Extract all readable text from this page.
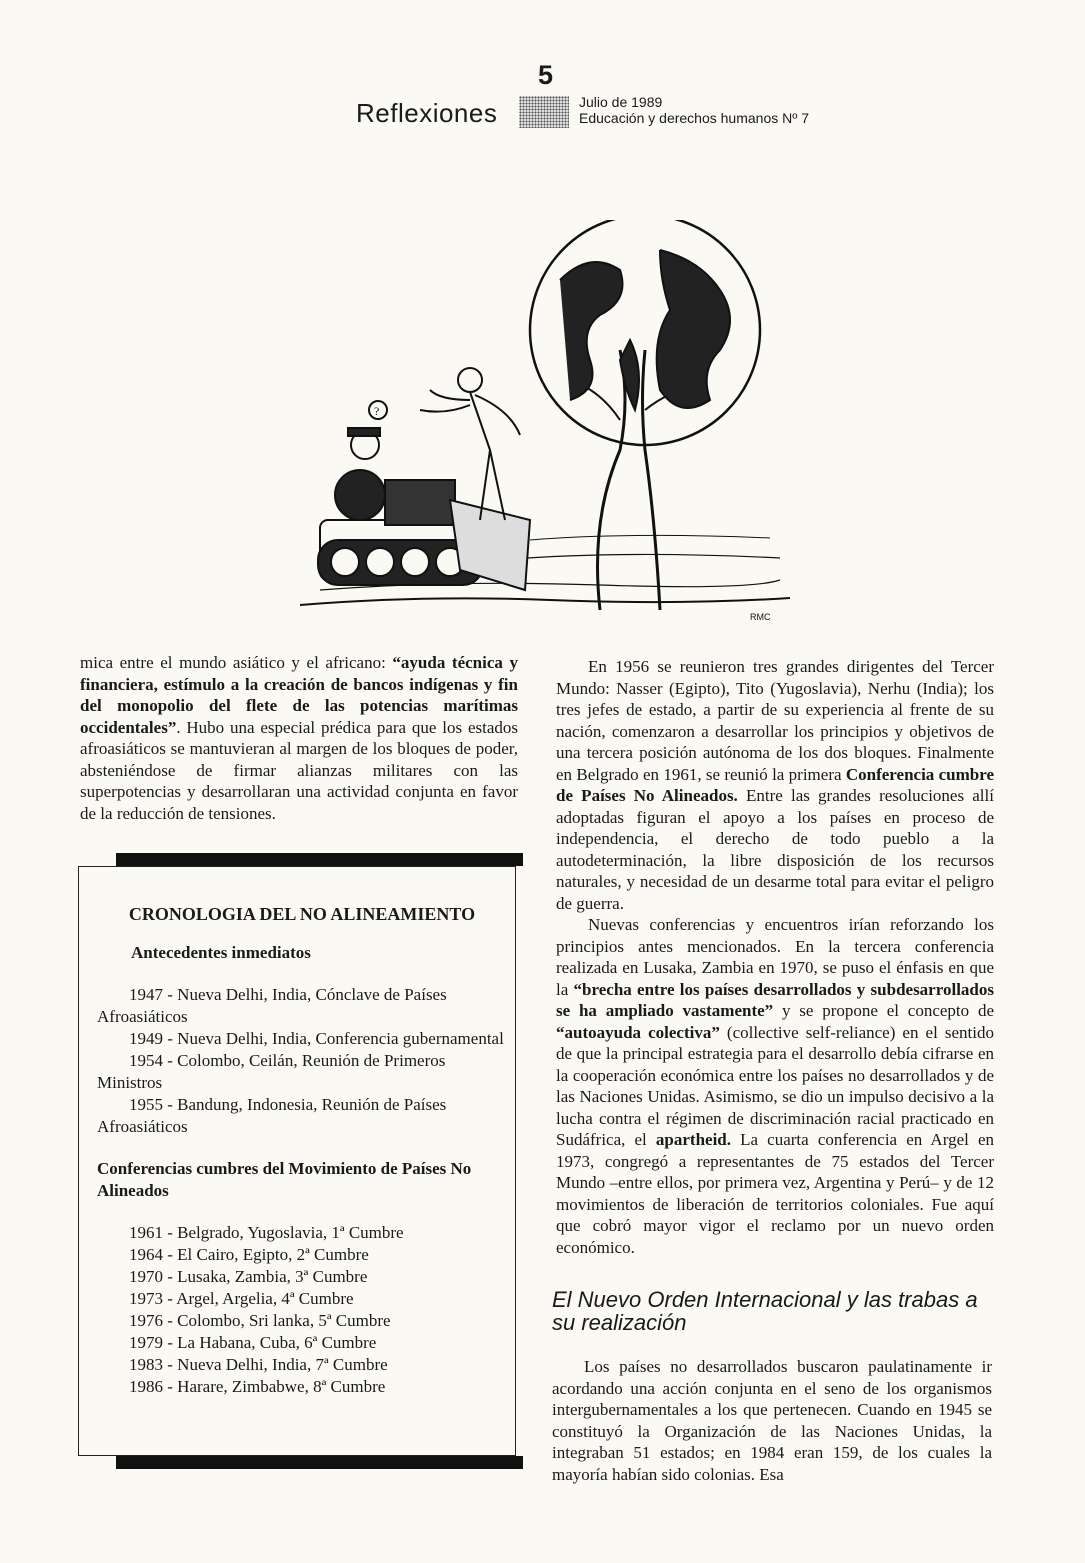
5
Reflexiones	Julio de 1989
Educación y derechos humanos Nº 7
?
RMC

mica entre el mundo asiático y el africano: “ayuda técnica y financiera, estímulo a la creación de bancos indígenas y fin del monopolio del flete de las potencias marítimas occidentales”. Hubo una especial prédica para que los estados afroasiáticos se mantuvieran al margen de los bloques de poder, absteniéndose de firmar alianzas militares con las superpotencias y desarrollaran una actividad conjunta en favor de la reducción de tensiones.

CRONOLOGIA DEL NO ALINEAMIENTO

Antecedentes inmediatos

1947 - Nueva Delhi, India, Cónclave de Países Afroasiáticos

1949 - Nueva Delhi, India, Conferencia gubernamental

1954 - Colombo, Ceilán, Reunión de Primeros Ministros

1955 - Bandung, Indonesia, Reunión de Países Afroasiáticos

Conferencias cumbres del Movimiento de Países No Alineados

1961 - Belgrado, Yugoslavia, 1ª Cumbre

1964 - El Cairo, Egipto, 2ª Cumbre

1970 - Lusaka, Zambia, 3ª Cumbre

1973 - Argel, Argelia, 4ª Cumbre

1976 - Colombo, Sri lanka, 5ª Cumbre

1979 - La Habana, Cuba, 6ª Cumbre

1983 - Nueva Delhi, India, 7ª Cumbre

1986 - Harare, Zimbabwe, 8ª Cumbre

En 1956 se reunieron tres grandes dirigentes del Tercer Mundo: Nasser (Egipto), Tito (Yugoslavia), Nerhu (India); los tres jefes de estado, a partir de su experiencia al frente de su nación, comenzaron a desarrollar los principios y objetivos de una tercera posición autónoma de los dos bloques. Finalmente en Belgrado en 1961, se reunió la primera Conferencia cumbre de Países No Alineados. Entre las grandes resoluciones allí adoptadas figuran el apoyo a los países en proceso de independencia, el derecho de todo pueblo a la autodeterminación, la libre disposición de los recursos naturales, y necesidad de un desarme total para evitar el peligro de guerra.

Nuevas conferencias y encuentros irían reforzando los principios antes mencionados. En la tercera conferencia realizada en Lusaka, Zambia en 1970, se puso el énfasis en que la “brecha entre los países desarrollados y subdesarrollados se ha ampliado vastamente” y se propone el concepto de “autoayuda colectiva” (collective self-reliance) en el sentido de que la principal estrategia para el desarrollo debía cifrarse en la cooperación económica entre los países no desarrollados y de las Naciones Unidas. Asimismo, se dio un impulso decisivo a la lucha contra el régimen de discriminación racial practicado en Sudáfrica, el apartheid. La cuarta conferencia en Argel en 1973, congregó a representantes de 75 estados del Tercer Mundo –entre ellos, por primera vez, Argentina y Perú– y de 12 movimientos de liberación de territorios coloniales. Fue aquí que cobró mayor vigor el reclamo por un nuevo orden económico.

El Nuevo Orden Internacional y las trabas a su realización

Los países no desarrollados buscaron paulatinamente ir acordando una acción conjunta en el seno de los organismos intergubernamentales a los que pertenecen. Cuando en 1945 se constituyó la Organización de las Naciones Unidas, la integraban 51 estados; en 1984 eran 159, de los cuales la mayoría habían sido colonias. Esa
